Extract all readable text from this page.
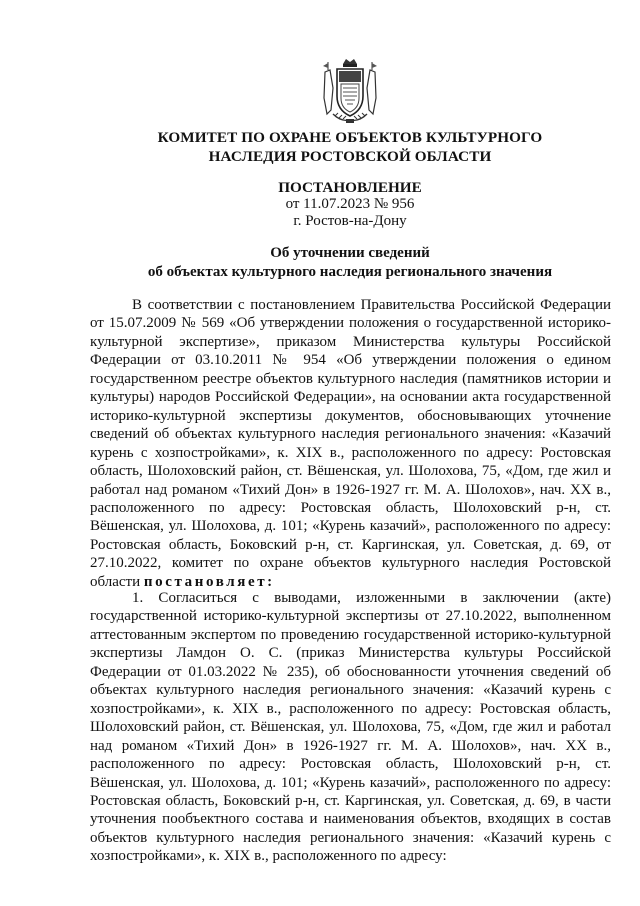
КОМИТЕТ ПО ОХРАНЕ ОБЪЕКТОВ КУЛЬТУРНОГО
НАСЛЕДИЯ РОСТОВСКОЙ ОБЛАСТИ
ПОСТАНОВЛЕНИЕ
от 11.07.2023 № 956
г. Ростов-на-Дону
Об уточнении сведений
об объектах культурного наследия регионального значения

В соответствии с постановлением Правительства Российской Федерации от 15.07.2009 № 569 «Об утверждении положения о государственной историко-культурной экспертизе», приказом Министерства культуры Российской Федерации от 03.10.2011 № 954 «Об утверждении положения о едином государственном реестре объектов культурного наследия (памятников истории и культуры) народов Российской Федерации», на основании акта государственной историко-культурной экспертизы документов, обосновывающих уточнение сведений об объектах культурного наследия регионального значения: «Казачий курень с хозпостройками», к. XIX в., расположенного по адресу: Ростовская область, Шолоховский район, ст. Вёшенская, ул. Шолохова, 75, «Дом, где жил и работал над романом «Тихий Дон» в 1926-1927 гг. М. А. Шолохов», нач. XX в., расположенного по адресу: Ростовская область, Шолоховский р-н, ст. Вёшенская, ул. Шолохова, д. 101; «Курень казачий», расположенного по адресу: Ростовская область, Боковский р-н, ст. Каргинская, ул. Советская, д. 69, от 27.10.2022, комитет по охране объектов культурного наследия Ростовской области постановляет:

1. Согласиться с выводами, изложенными в заключении (акте) государственной историко-культурной экспертизы от 27.10.2022, выполненном аттестованным экспертом по проведению государственной историко-культурной экспертизы Ламдон О. С. (приказ Министерства культуры Российской Федерации от 01.03.2022 № 235), об обоснованности уточнения сведений об объектах культурного наследия регионального значения: «Казачий курень с хозпостройками», к. XIX в., расположенного по адресу: Ростовская область, Шолоховский район, ст. Вёшенская, ул. Шолохова, 75, «Дом, где жил и работал над романом «Тихий Дон» в 1926-1927 гг. М. А. Шолохов», нач. XX в., расположенного по адресу: Ростовская область, Шолоховский р-н, ст. Вёшенская, ул. Шолохова, д. 101; «Курень казачий», расположенного по адресу: Ростовская область, Боковский р-н, ст. Каргинская, ул. Советская, д. 69, в части уточнения пообъектного состава и наименования объектов, входящих в состав объектов культурного наследия регионального значения: «Казачий курень с хозпостройками», к. XIX в., расположенного по адресу:
